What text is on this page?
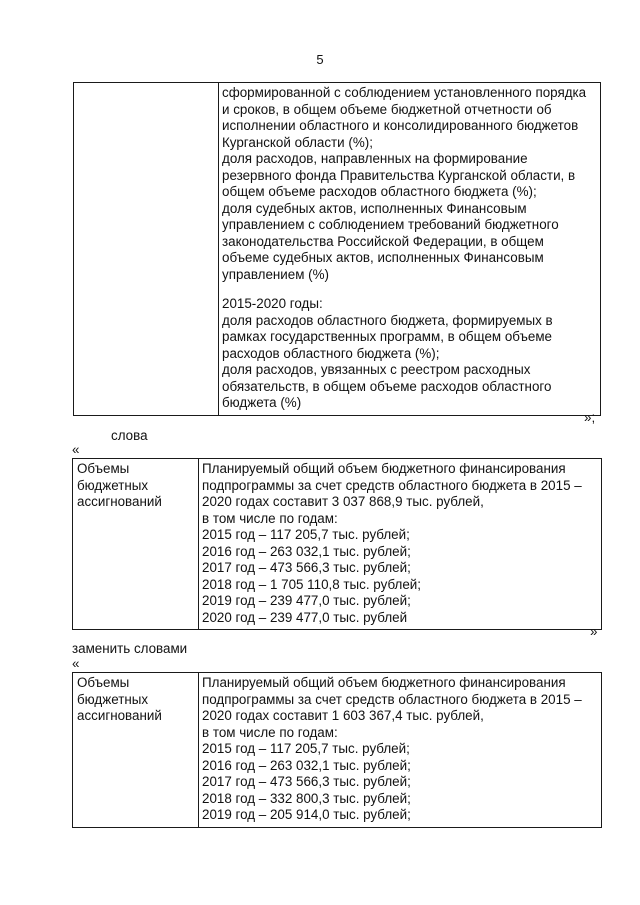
5

сформированной с соблюдением установленного порядка
и сроков, в общем объеме бюджетной отчетности об
исполнении областного и консолидированного бюджетов
Курганской области (%);
доля расходов, направленных на формирование
резервного фонда Правительства Курганской области, в
общем объеме расходов областного бюджета (%);
доля судебных актов, исполненных Финансовым
управлением с соблюдением требований бюджетного
законодательства Российской Федерации, в общем
объеме судебных актов, исполненных Финансовым
управлением (%)
2015-2020 годы:
доля расходов областного бюджета, формируемых в
рамках государственных программ, в общем объеме
расходов областного бюджета (%);
доля расходов, увязанных с реестром расходных
обязательств, в общем объеме расходов областного
бюджета (%)
»;
слова
«
Объемы
бюджетных
ассигнований

Планируемый общий объем бюджетного финансирования
подпрограммы за счет средств областного бюджета в 2015 –
2020 годах составит 3 037 868,9 тыс. рублей,
в том числе по годам:
2015 год – 117 205,7 тыс. рублей;
2016 год – 263 032,1 тыс. рублей;
2017 год – 473 566,3 тыс. рублей;
2018 год – 1 705 110,8 тыс. рублей;
2019 год – 239 477,0 тыс. рублей;
2020 год – 239 477,0 тыс. рублей
»
заменить словами
«
Объемы
бюджетных
ассигнований

Планируемый общий объем бюджетного финансирования
подпрограммы за счет средств областного бюджета в 2015 –
2020 годах составит 1 603 367,4 тыс. рублей,
в том числе по годам:
2015 год – 117 205,7 тыс. рублей;
2016 год – 263 032,1 тыс. рублей;
2017 год – 473 566,3 тыс. рублей;
2018 год – 332 800,3 тыс. рублей;
2019 год – 205 914,0 тыс. рублей;
